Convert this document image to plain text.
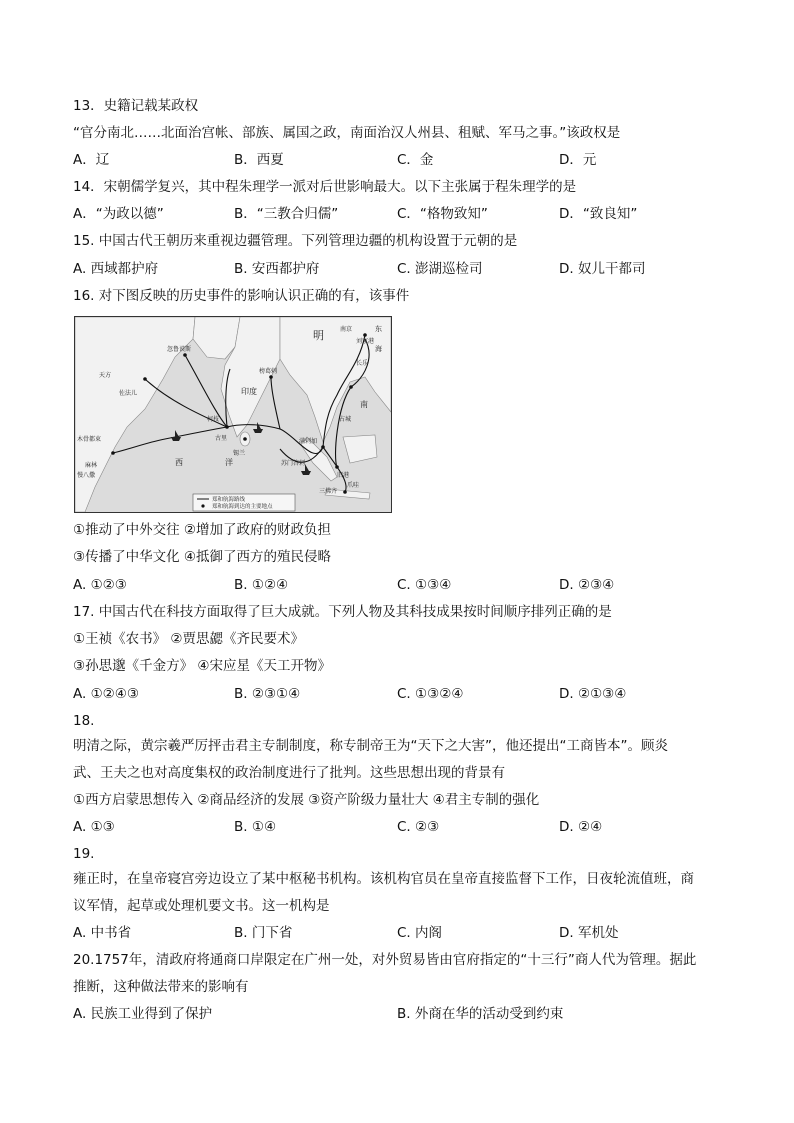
13．史籍记载某政权
“官分南北……北面治宫帐、部族、属国之政，南面治汉人州县、租赋、军马之事。”该政权是
A．辽	B．西夏	C．金	D．元
14．宋朝儒学复兴，其中程朱理学一派对后世影响最大。以下主张属于程朱理学的是
A．“为政以德”	B．“三教合归儒”	C．“格物致知”	D．“致良知”
15. 中国古代王朝历来重视边疆管理。下列管理边疆的机构设置于元朝的是
A. 西域都护府	B. 安西都护府	C. 澎湖巡检司	D. 奴儿干都司
16. 对下图反映的历史事件的影响认识正确的有，该事件
明	东
南京
刘家港
长乐
海
南
印度
西	洋
忽鲁谟斯
佐法儿
天方
木骨都束
麻林
慢八撒
古里
柯枝
锡兰
榜葛剌
占城
满剌加
苏门答剌
旧港
爪哇
三佛齐
郑和航海路线
郑和航海到达的主要地点
①推动了中外交往 ②增加了政府的财政负担
③传播了中华文化 ④抵御了西方的殖民侵略
A. ①②③	B. ①②④	C. ①③④	D. ②③④
17. 中国古代在科技方面取得了巨大成就。下列人物及其科技成果按时间顺序排列正确的是
①王祯《农书》 ②贾思勰《齐民要术》
③孙思邈《千金方》 ④宋应星《天工开物》
A. ①②④③	B. ②③①④	C. ①③②④	D. ②①③④
18.
明清之际，黄宗羲严厉抨击君主专制制度，称专制帝王为“天下之大害”，他还提出“工商皆本”。顾炎
武、王夫之也对高度集权的政治制度进行了批判。这些思想出现的背景有
①西方启蒙思想传入 ②商品经济的发展 ③资产阶级力量壮大 ④君主专制的强化
A. ①③	B. ①④	C. ②③	D. ②④
19.
雍正时，在皇帝寝宫旁边设立了某中枢秘书机构。该机构官员在皇帝直接监督下工作，日夜轮流值班，商
议军情，起草或处理机要文书。这一机构是
A. 中书省	B. 门下省	C. 内阁	D. 军机处
20.1757年，清政府将通商口岸限定在广州一处，对外贸易皆由官府指定的“十三行”商人代为管理。据此
推断，这种做法带来的影响有
A. 民族工业得到了保护	B. 外商在华的活动受到约束
